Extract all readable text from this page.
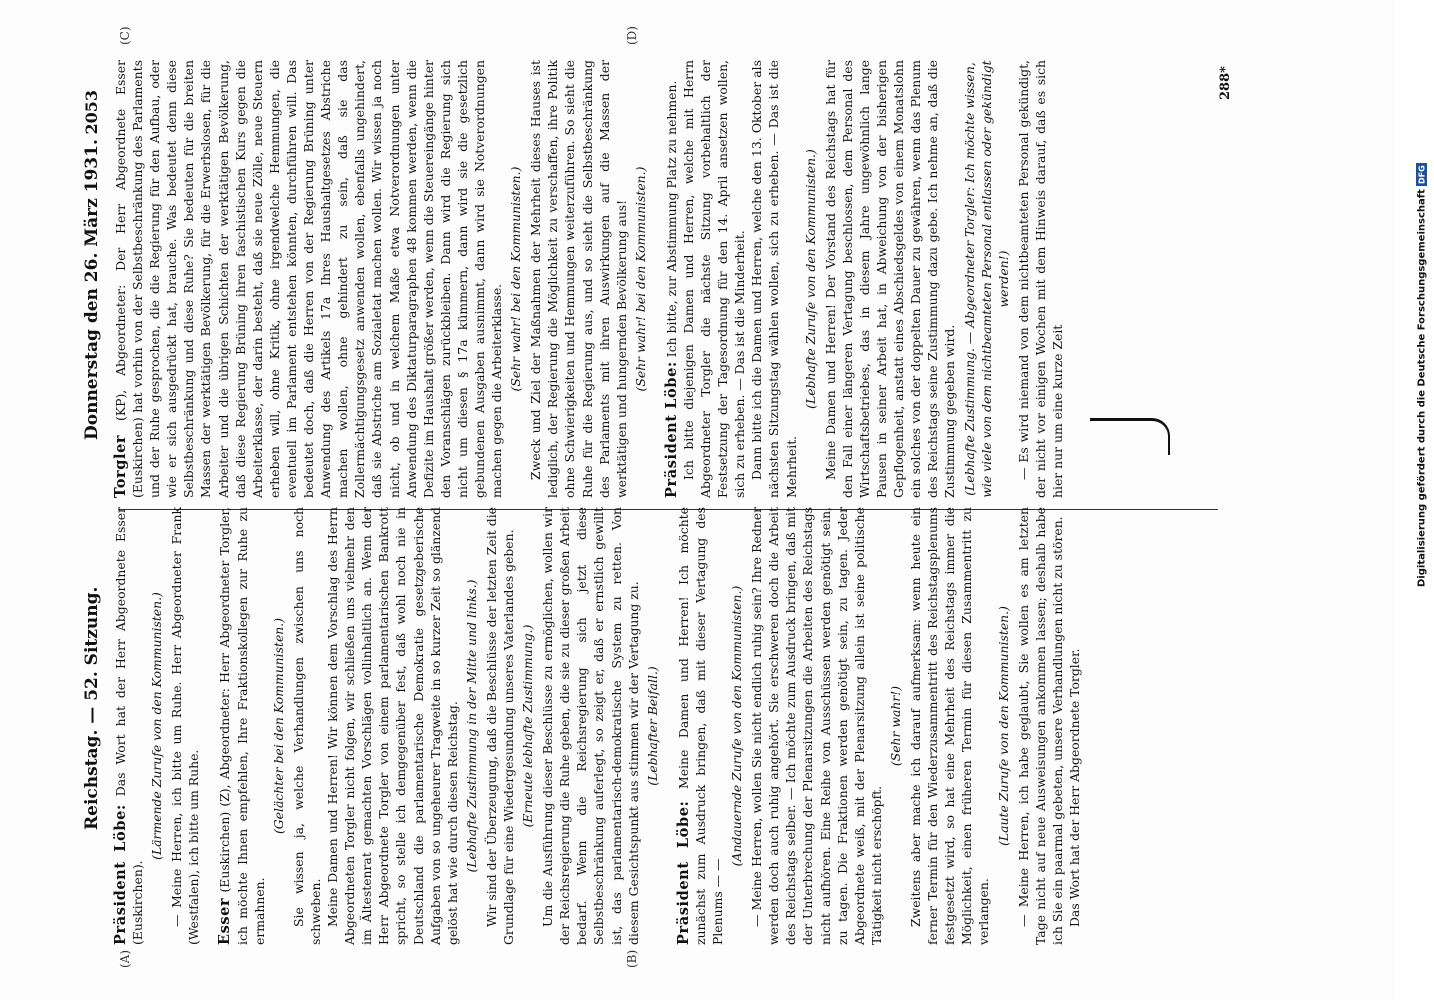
Reichstag. — 52. Sitzung.
Donnerstag den 26. März 1931.
2053
(A)	(B)
(C)	(D)

Präsident Löbe: Das Wort hat der Herr Abgeordnete Esser (Euskirchen).

(Lärmende Zurufe von den Kommunisten.) — Meine Herren, ich bitte um Ruhe. Herr Abgeordneter Frank (Westfalen), ich bitte um Ruhe. Esser (Euskirchen) (Z), Abgeordneter: Herr Abgeordneter Torgler, ich möchte Ihnen empfehlen, Ihre Fraktionskollegen zur Ruhe zu ermahnen.

(Gelächter bei den Kommunisten.) Sie wissen ja, welche Verhandlungen zwischen uns noch schweben. Meine Damen und Herren! Wir können dem Vorschlag des Herrn Abgeordneten Torgler nicht folgen, wir schließen uns vielmehr den im Ältestenrat gemachten Vorschlägen vollinhaltlich an. Wenn der Herr Abgeordnete Torgler von einem parlamentarischen Bankrott spricht, so stelle ich demgegenüber fest, daß wohl noch nie in Deutschland die parlamentarische Demokratie gesetzgeberische Aufgaben von so ungeheurer Tragweite in so kurzer Zeit so glänzend gelöst hat wie durch diesen Reichstag. (Lebhafte Zustimmung in der Mitte und links.) Wir sind der Überzeugung, daß die Beschlüsse der letzten Zeit die Grundlage für eine Wiedergesundung unseres Vaterlandes geben. (Erneute lebhafte Zustimmung.) Um die Ausführung dieser Beschlüsse zu ermöglichen, wollen wir der Reichsregierung die Ruhe geben, die sie zu dieser großen Arbeit bedarf. Wenn die Reichsregierung sich jetzt diese Selbstbeschränkung auferlegt, so zeigt er, daß er ernstlich gewillt ist, das parlamentarisch-demokratische System zu retten. Von diesem Gesichtspunkt aus stimmen wir der Vertagung zu. (Lebhafter Beifall.)

Präsident Löbe: Meine Damen und Herren! Ich möchte zunächst zum Ausdruck bringen, daß mit dieser Vertagung des Plenums — —

(Andauernde Zurufe von den Kommunisten.) — Meine Herren, wollen Sie nicht endlich ruhig sein? Ihre Redner werden doch auch ruhig angehört. Sie erschweren doch die Arbeit des Reichstags selber. — Ich möchte zum Ausdruck bringen, daß mit der Unterbrechung der Plenarsitzungen die Arbeiten des Reichstags nicht aufhören. Eine Reihe von Ausschüssen werden genötigt sein, zu tagen. Die Fraktionen werden genötigt sein, zu tagen. Jeder Abgeordnete weiß, mit der Plenarsitzung allein ist seine politische Tätigkeit nicht erschöpft.

(Sehr wahr!) Zweitens aber mache ich darauf aufmerksam: wenn heute ein ferner Termin für den Wiederzusammentritt des Reichstagsplenums festgesetzt wird, so hat eine Mehrheit des Reichstags immer die Möglichkeit, einen früheren Termin für diesen Zusammentritt zu verlangen.

(Laute Zurufe von den Kommunisten.) — Meine Herren, ich habe geglaubt, Sie wollen es am letzten Tage nicht auf neue Ausweisungen ankommen lassen; deshalb habe ich Sie ein paarmal gebeten, unsere Verhandlungen nicht zu stören. Das Wort hat der Herr Abgeordnete Torgler.

Torgler (KP), Abgeordneter: Der Herr Abgeordnete Esser (Euskirchen) hat vorhin von der Selbstbeschränkung des Parlaments und der Ruhe gesprochen, die die Regierung für den Aufbau, oder wie er sich ausgedrückt hat, brauche. Was bedeutet denn diese Selbstbeschränkung und diese Ruhe? Sie bedeuten für die breiten Massen der werktätigen Bevölkerung, für die Erwerbslosen, für die Arbeiter und die übrigen Schichten der werktätigen Bevölkerung, daß diese Regierung Brüning ihren faschistischen Kurs gegen die Arbeiterklasse, der darin besteht, daß sie neue Zölle, neue Steuern erheben will, ohne Kritik, ohne irgendwelche Hemmungen, die eventuell im Parlament entstehen könnten, durchführen will. Das bedeutet doch, daß die Herren von der Regierung Brüning unter Anwendung des Artikels 17a Ihres Haushaltgesetzes Abstriche machen wollen, ohne gehindert zu sein, daß sie das Zollermächtigungsgesetz anwenden wollen, ebenfalls ungehindert, daß sie Abstriche am Sozialetat machen wollen. Wir wissen ja noch nicht, ob und in welchem Maße etwa Notverordnungen unter Anwendung des Diktaturparagraphen 48 kommen werden, wenn die Defizite im Haushalt größer werden, wenn die Steuereingänge hinter den Voranschlägen zurückbleiben. Dann wird die Regierung sich nicht um diesen § 17a kümmern, dann wird sie die gesetzlich gebundenen Ausgaben ausnimmt, dann wird sie Notverordnungen machen gegen die Arbeiterklasse. (Sehr wahr! bei den Kommunisten.) Zweck und Ziel der Maßnahmen der Mehrheit dieses Hauses ist lediglich, der Regierung die Möglichkeit zu verschaffen, ihre Politik ohne Schwierigkeiten und Hemmungen weiterzuführen. So sieht die Ruhe für die Regierung aus, und so sieht die Selbstbeschränkung des Parlaments mit ihren Auswirkungen auf die Massen der werktätigen und hungernden Bevölkerung aus! (Sehr wahr! bei den Kommunisten.)

Präsident Löbe: Ich bitte, zur Abstimmung Platz zu nehmen. Ich bitte diejenigen Damen und Herren, welche mit Herrn Abgeordneter Torgler die nächste Sitzung vorbehaltlich der Festsetzung der Tagesordnung für den 14. April ansetzen wollen, sich zu erheben. — Das ist die Minderheit. Dann bitte ich die Damen und Herren, welche den 13. Oktober als nächsten Sitzungstag wählen wollen, sich zu erheben. — Das ist die Mehrheit.

(Lebhafte Zurufe von den Kommunisten.) Meine Damen und Herren! Der Vorstand des Reichstags hat für den Fall einer längeren Vertagung beschlossen, dem Personal des Wirtschaftsbetriebes, das in diesem Jahre ungewöhnlich lange Pausen in seiner Arbeit hat, in Abweichung von der bisherigen Gepflogenheit, anstatt eines Abschiedsgeldes von einem Monatslohn ein solches von der doppelten Dauer zu gewähren, wenn das Plenum des Reichstags seine Zustimmung dazu gebe. Ich nehme an, daß die Zustimmung gegeben wird. (Lebhafte Zustimmung. — Abgeordneter Torgler: Ich möchte wissen, wie viele von dem nichtbeamteten Personal entlassen oder gekündigt werden!) — Es wird niemand von dem nichtbeamteten Personal gekündigt, der nicht vor einigen Wochen mit dem Hinweis darauf, daß es sich hier nur um eine kurze Zeit

288*
Digitalisierung gefördert durch die Deutsche Forschungsgemeinschaft
DFG
